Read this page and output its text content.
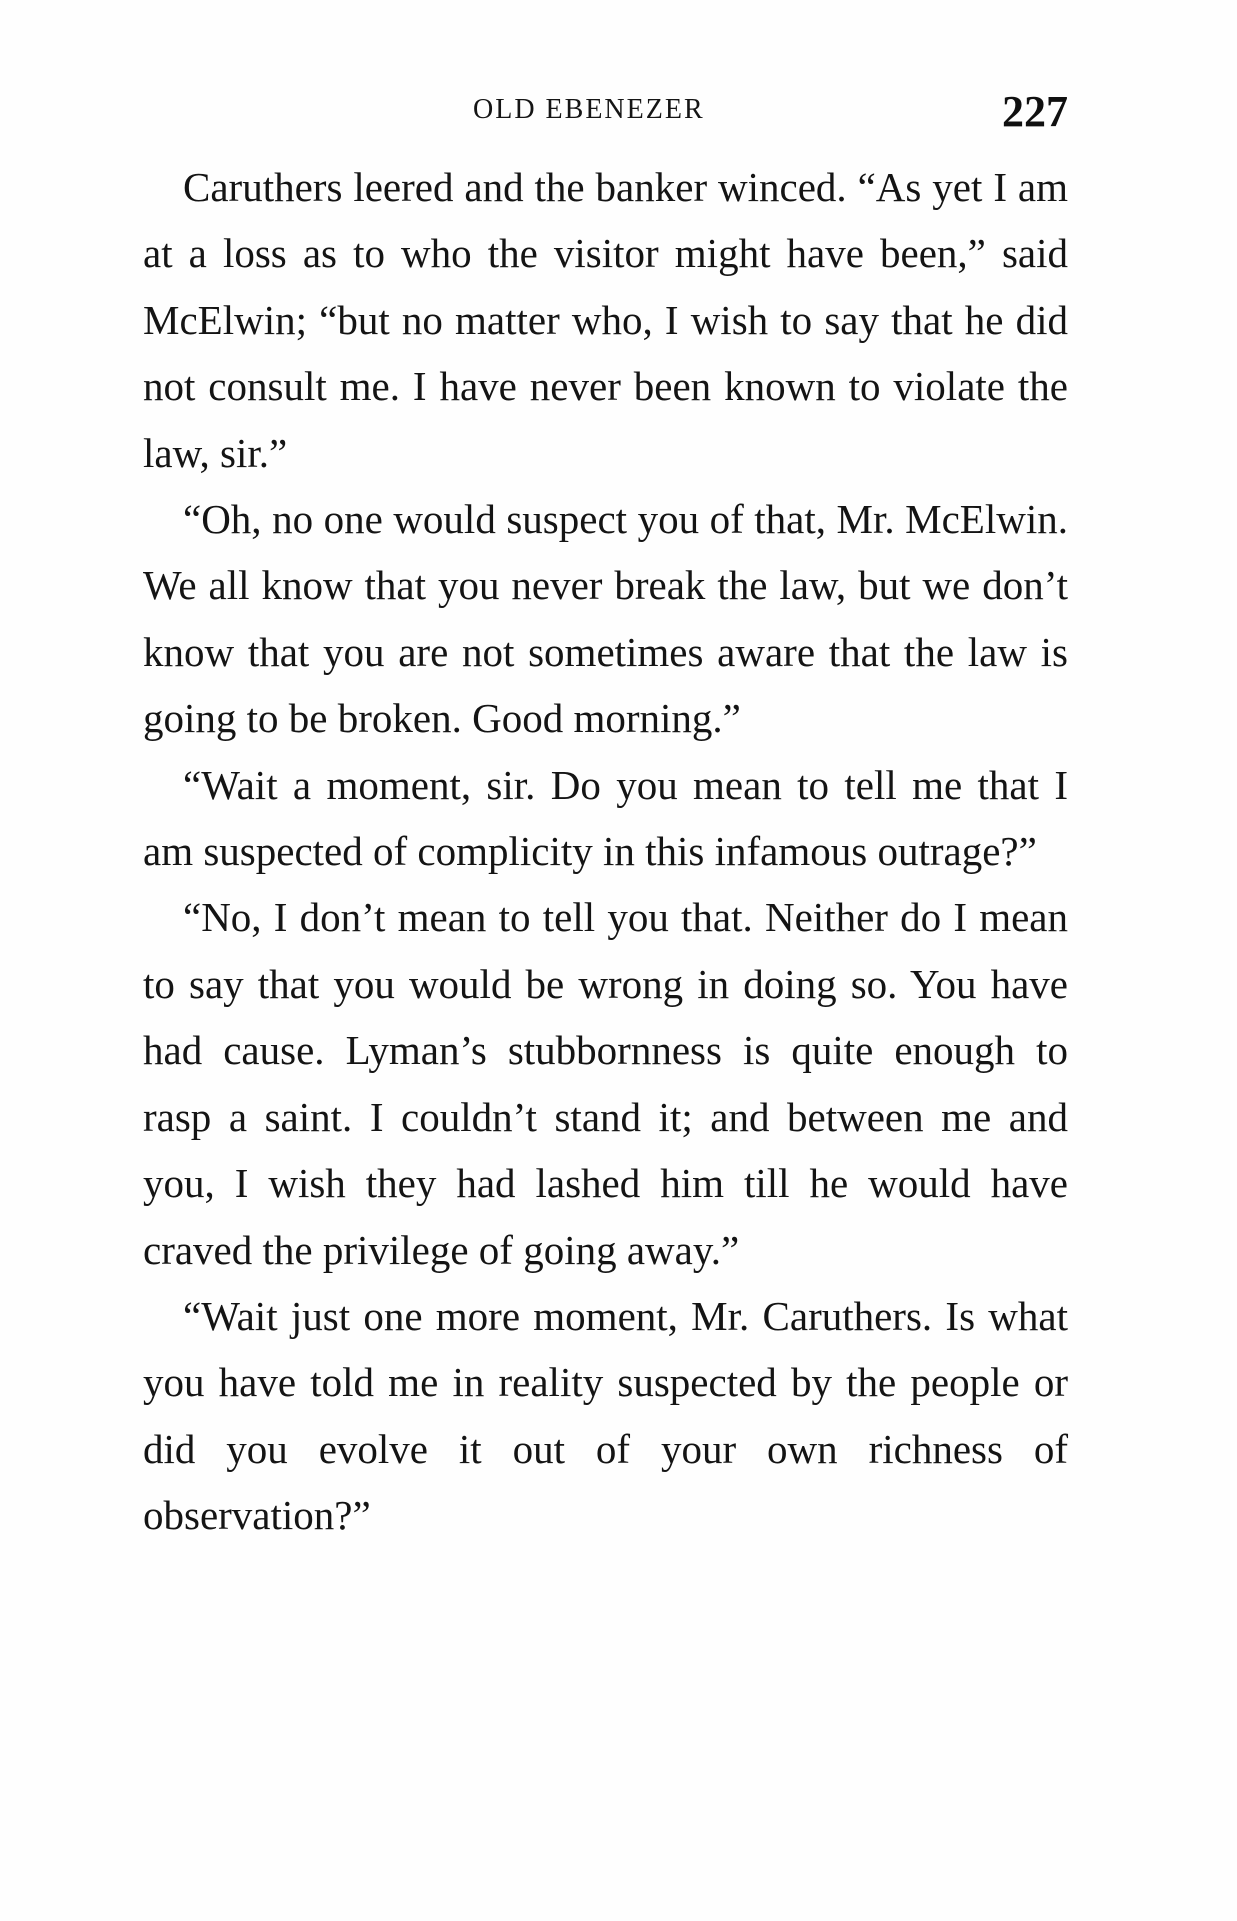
OLD EBENEZER	227

Caruthers leered and the banker winced. “As yet I am at a loss as to who the visitor might have been,” said McElwin; “but no matter who, I wish to say that he did not consult me. I have never been known to violate the law, sir.”

“Oh, no one would suspect you of that, Mr. McElwin. We all know that you never break the law, but we don’t know that you are not sometimes aware that the law is going to be broken. Good morning.”

“Wait a moment, sir. Do you mean to tell me that I am suspected of complicity in this infamous outrage?”

“No, I don’t mean to tell you that. Neither do I mean to say that you would be wrong in doing so. You have had cause. Lyman’s stubbornness is quite enough to rasp a saint. I couldn’t stand it; and between me and you, I wish they had lashed him till he would have craved the privilege of going away.”

“Wait just one more moment, Mr. Caruthers. Is what you have told me in reality suspected by the people or did you evolve it out of your own richness of observation?”
